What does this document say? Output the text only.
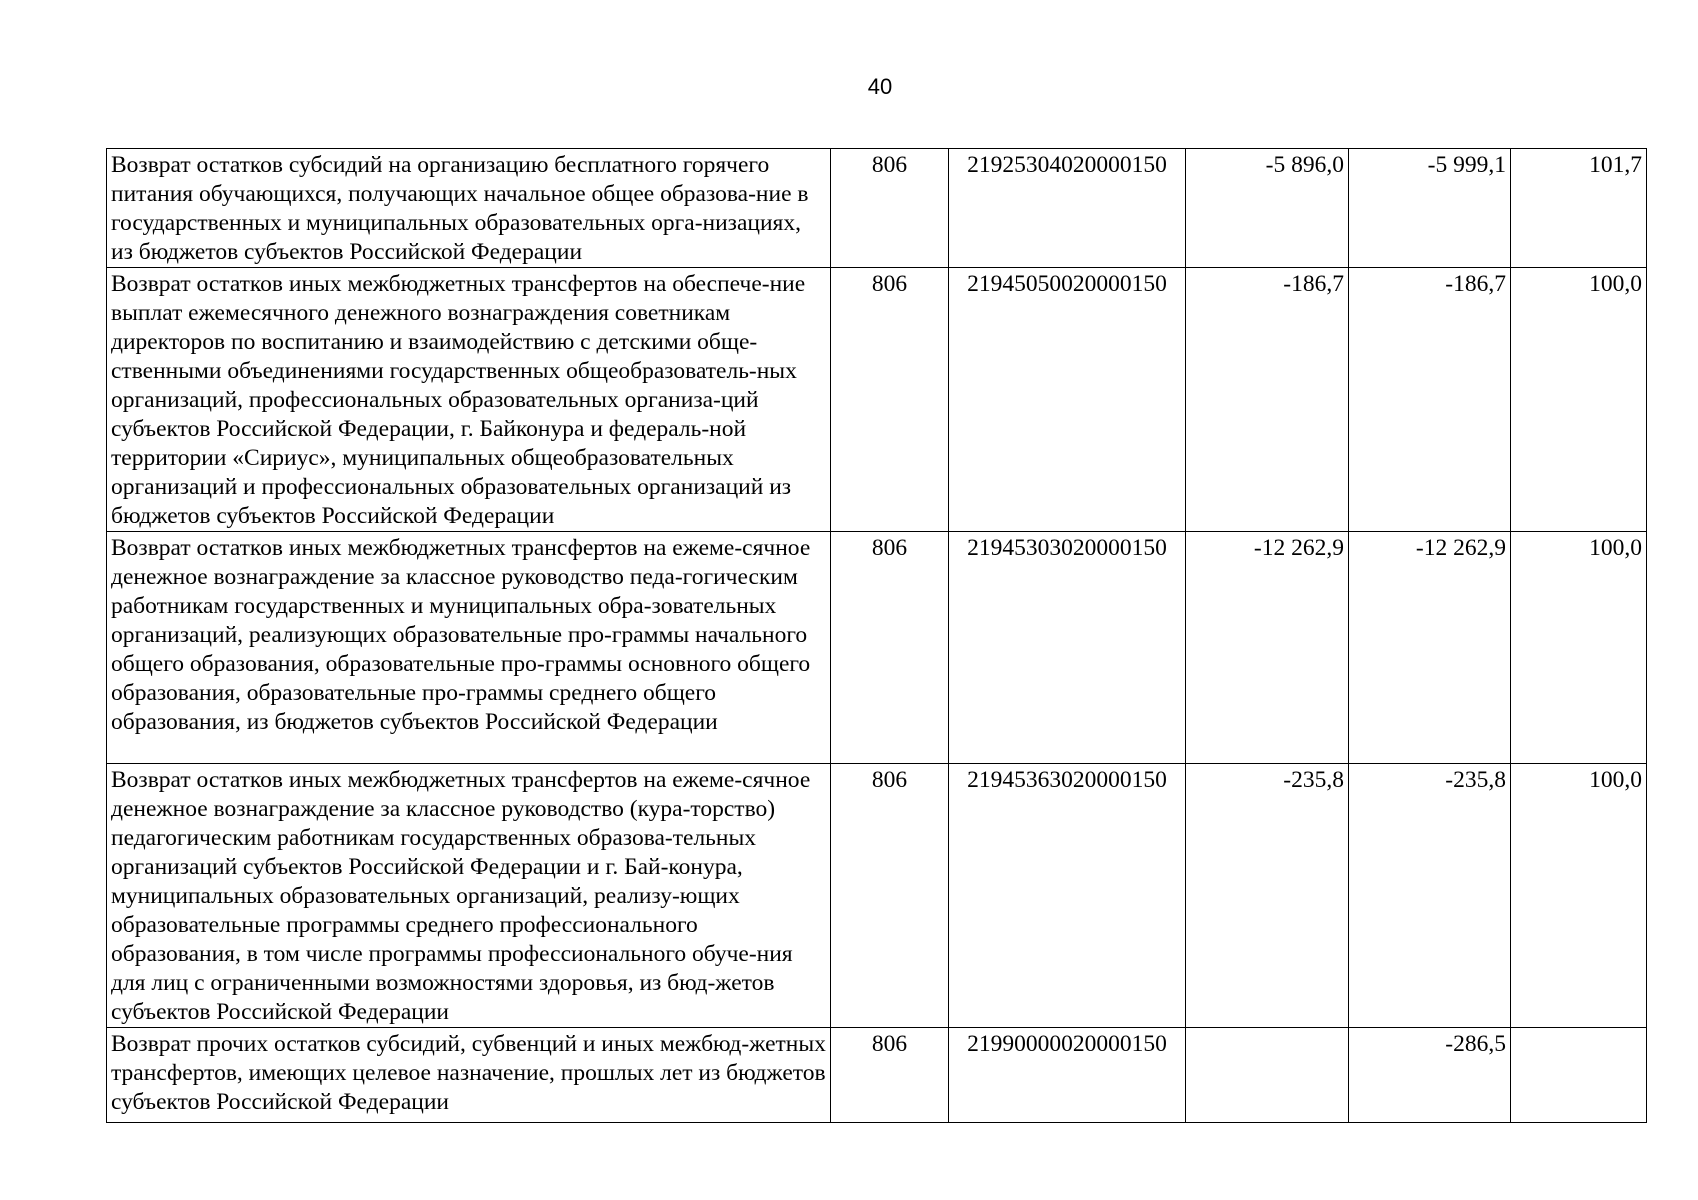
40
Возврат остатков субсидий на организацию бесплатного горячего питания обучающихся, получающих начальное общее образова-ние в государственных и муниципальных образовательных орга-низациях, из бюджетов субъектов Российской Федерации	806	21925304020000150	-5 896,0	-5 999,1	101,7
Возврат остатков иных межбюджетных трансфертов на обеспече-ние выплат ежемесячного денежного вознаграждения советникам директоров по воспитанию и взаимодействию с детскими обще-ственными объединениями государственных общеобразователь-ных организаций, профессиональных образовательных организа-ций субъектов Российской Федерации, г. Байконура и федераль-ной территории «Сириус», муниципальных общеобразовательных организаций и профессиональных образовательных организаций из бюджетов субъектов Российской Федерации	806	21945050020000150	-186,7	-186,7	100,0
Возврат остатков иных межбюджетных трансфертов на ежеме-сячное денежное вознаграждение за классное руководство педа-гогическим работникам государственных и муниципальных обра-зовательных организаций, реализующих образовательные про-граммы начального общего образования, образовательные про-граммы основного общего образования, образовательные про-граммы среднего общего образования, из бюджетов субъектов Российской Федерации	806	21945303020000150	-12 262,9	-12 262,9	100,0
Возврат остатков иных межбюджетных трансфертов на ежеме-сячное денежное вознаграждение за классное руководство (кура-торство) педагогическим работникам государственных образова-тельных организаций субъектов Российской Федерации и г. Бай-конура, муниципальных образовательных организаций, реализу-ющих образовательные программы среднего профессионального образования, в том числе программы профессионального обуче-ния для лиц с ограниченными возможностями здоровья, из бюд-жетов субъектов Российской Федерации	806	21945363020000150	-235,8	-235,8	100,0
Возврат прочих остатков субсидий, субвенций и иных межбюд-жетных трансфертов, имеющих целевое назначение, прошлых лет из бюджетов субъектов Российской Федерации	806	21990000020000150		-286,5	
